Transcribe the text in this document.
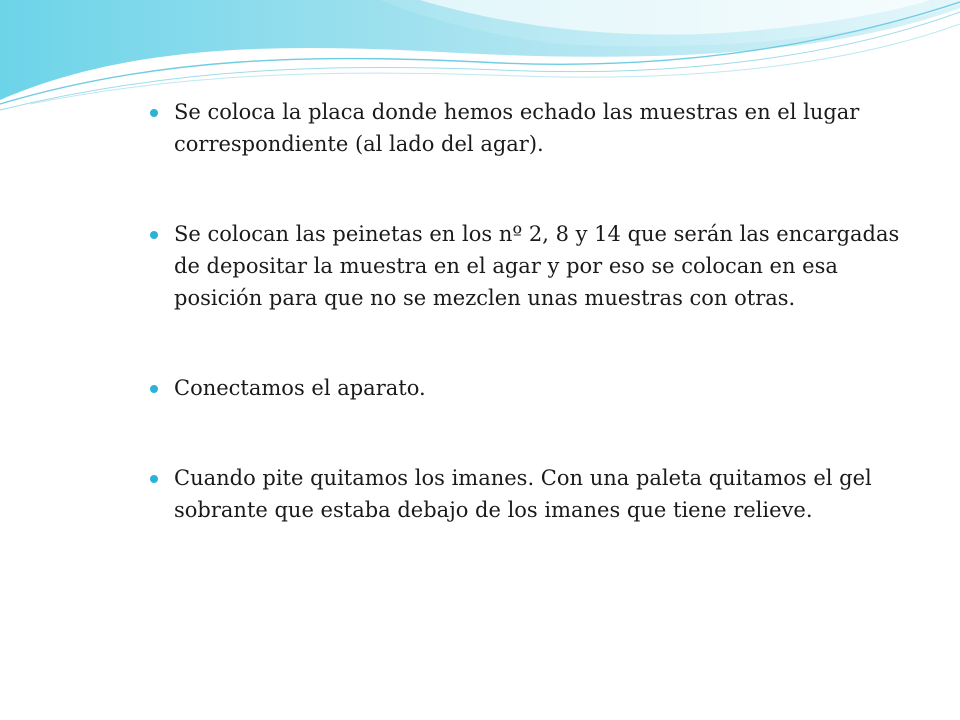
Se coloca la placa donde hemos echado las muestras en el lugar correspondiente (al lado del agar).
Se colocan las peinetas en los nº 2, 8 y 14 que serán las encargadas de depositar la muestra en el agar y por eso se colocan en esa posición para que no se mezclen unas muestras con otras.
Conectamos el aparato.
Cuando pite quitamos los imanes. Con una paleta quitamos el gel sobrante que estaba debajo de los imanes que tiene relieve.
